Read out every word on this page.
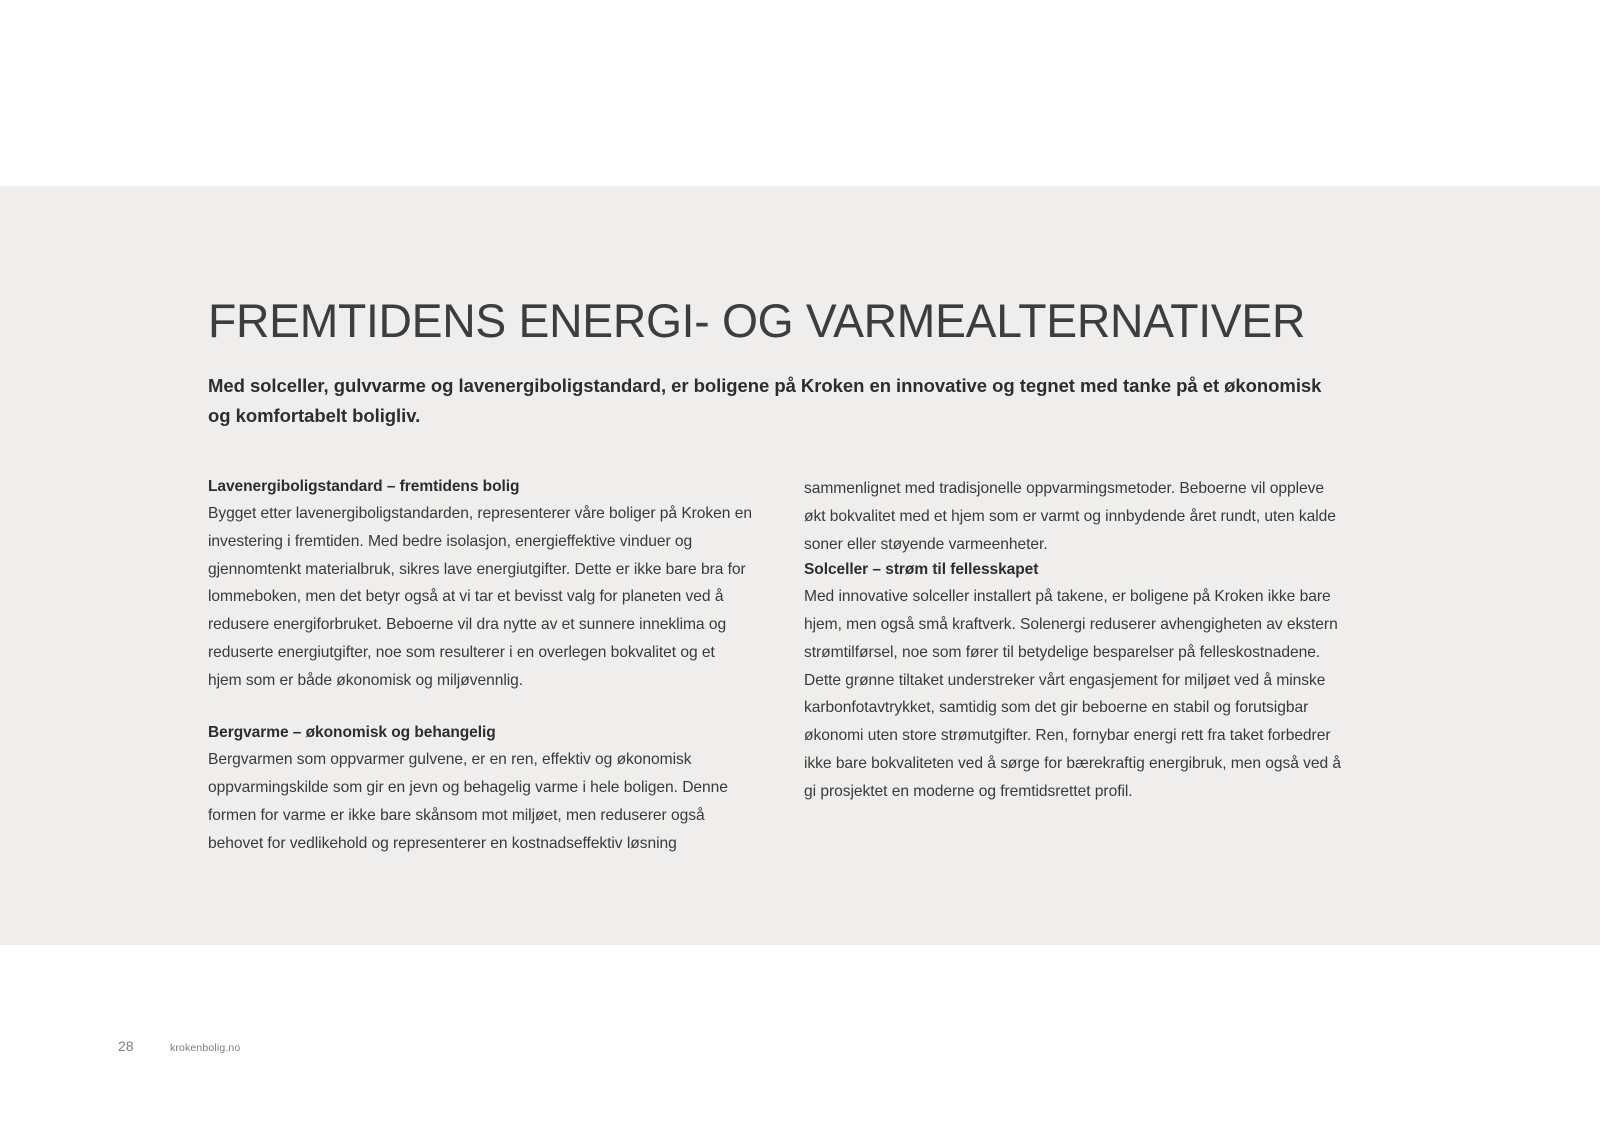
FREMTIDENS ENERGI- OG VARMEALTERNATIVER

Med solceller, gulvvarme og lavenergiboligstandard, er boligene på Kroken en innovative og tegnet med tanke på et økonomisk og komfortabelt boligliv.

Lavenergiboligstandard – fremtidens bolig

Bygget etter lavenergiboligstandarden, representerer våre boliger på Kroken en investering i fremtiden. Med bedre isolasjon, energieffektive vinduer og gjennomtenkt materialbruk, sikres lave energiutgifter. Dette er ikke bare bra for lommeboken, men det betyr også at vi tar et bevisst valg for planeten ved å redusere energiforbruket. Beboerne vil dra nytte av et sunnere inneklima og reduserte energiutgifter, noe som resulterer i en overlegen bokvalitet og et hjem som er både økonomisk og miljøvennlig.

Bergvarme – økonomisk og behangelig

Bergvarmen som oppvarmer gulvene, er en ren, effektiv og økonomisk oppvarmingskilde som gir en jevn og behagelig varme i hele boligen. Denne formen for varme er ikke bare skånsom mot miljøet, men reduserer også behovet for vedlikehold og representerer en kostnadseffektiv løsning

sammenlignet med tradisjonelle oppvarmingsmetoder. Beboerne vil oppleve økt bokvalitet med et hjem som er varmt og innbydende året rundt, uten kalde soner eller støyende varmeenheter.

Solceller – strøm til fellesskapet

Med innovative solceller installert på takene, er boligene på Kroken ikke bare hjem, men også små kraftverk. Solenergi reduserer avhengigheten av ekstern strømtilførsel, noe som fører til betydelige besparelser på felleskostnadene. Dette grønne tiltaket understreker vårt engasjement for miljøet ved å minske karbonfotavtrykket, samtidig som det gir beboerne en stabil og forutsigbar økonomi uten store strømutgifter. Ren, fornybar energi rett fra taket forbedrer ikke bare bokvaliteten ved å sørge for bærekraftig energibruk, men også ved å gi prosjektet en moderne og fremtidsrettet profil.

28	krokenbolig.no
